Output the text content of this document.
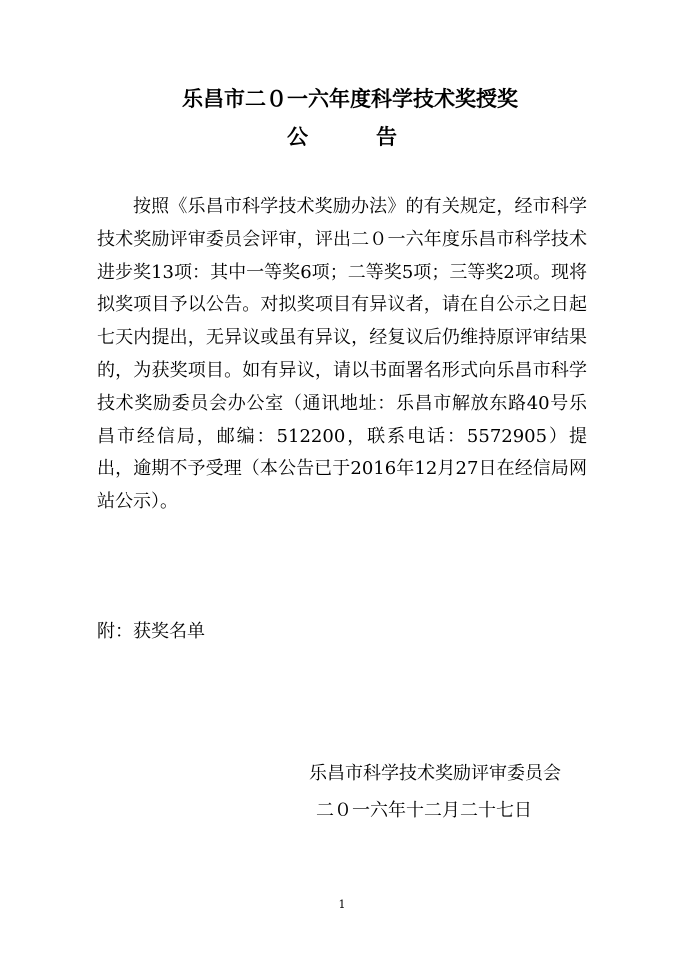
乐昌市二０一六年度科学技术奖授奖
公	告

按照《乐昌市科学技术奖励办法》的有关规定，经市科学技术奖励评审委员会评审，评出二０一六年度乐昌市科学技术进步奖13项：其中一等奖6项；二等奖5项；三等奖2项。现将拟奖项目予以公告。对拟奖项目有异议者，请在自公示之日起七天内提出，无异议或虽有异议，经复议后仍维持原评审结果的，为获奖项目。如有异议，请以书面署名形式向乐昌市科学技术奖励委员会办公室（通讯地址：乐昌市解放东路40号乐昌市经信局，邮编：512200，联系电话：5572905）提出，逾期不予受理（本公告已于2016年12月27日在经信局网站公示）。

附：获奖名单

乐昌市科学技术奖励评审委员会

二０一六年十二月二十七日

1
